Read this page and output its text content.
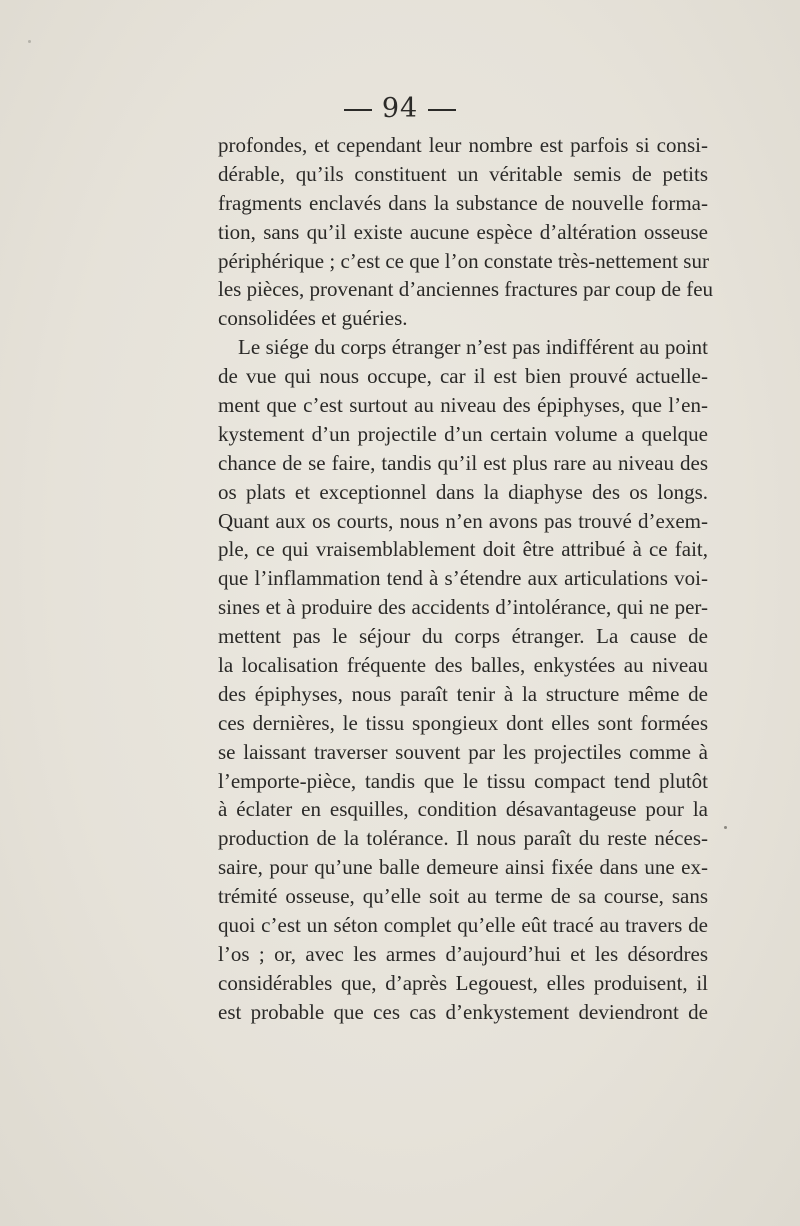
94
profondes, et cependant leur nombre est parfois si consi-
dérable, qu’ils constituent un véritable semis de petits
fragments enclavés dans la substance de nouvelle forma-
tion, sans qu’il existe aucune espèce d’altération osseuse
périphérique ; c’est ce que l’on constate très-nettement sur
les pièces, provenant d’anciennes fractures par coup de feu
consolidées et guéries.
Le siége du corps étranger n’est pas indifférent au point
de vue qui nous occupe, car il est bien prouvé actuelle-
ment que c’est surtout au niveau des épiphyses, que l’en-
kystement d’un projectile d’un certain volume a quelque
chance de se faire, tandis qu’il est plus rare au niveau des
os plats et exceptionnel dans la diaphyse des os longs.
Quant aux os courts, nous n’en avons pas trouvé d’exem-
ple, ce qui vraisemblablement doit être attribué à ce fait,
que l’inflammation tend à s’étendre aux articulations voi-
sines et à produire des accidents d’intolérance, qui ne per-
mettent pas le séjour du corps étranger. La cause de
la localisation fréquente des balles, enkystées au niveau
des épiphyses, nous paraît tenir à la structure même de
ces dernières, le tissu spongieux dont elles sont formées
se laissant traverser souvent par les projectiles comme à
l’emporte-pièce, tandis que le tissu compact tend plutôt
à éclater en esquilles, condition désavantageuse pour la
production de la tolérance. Il nous paraît du reste néces-
saire, pour qu’une balle demeure ainsi fixée dans une ex-
trémité osseuse, qu’elle soit au terme de sa course, sans
quoi c’est un séton complet qu’elle eût tracé au travers de
l’os ; or, avec les armes d’aujourd’hui et les désordres
considérables que, d’après Legouest, elles produisent, il
est probable que ces cas d’enkystement deviendront de
